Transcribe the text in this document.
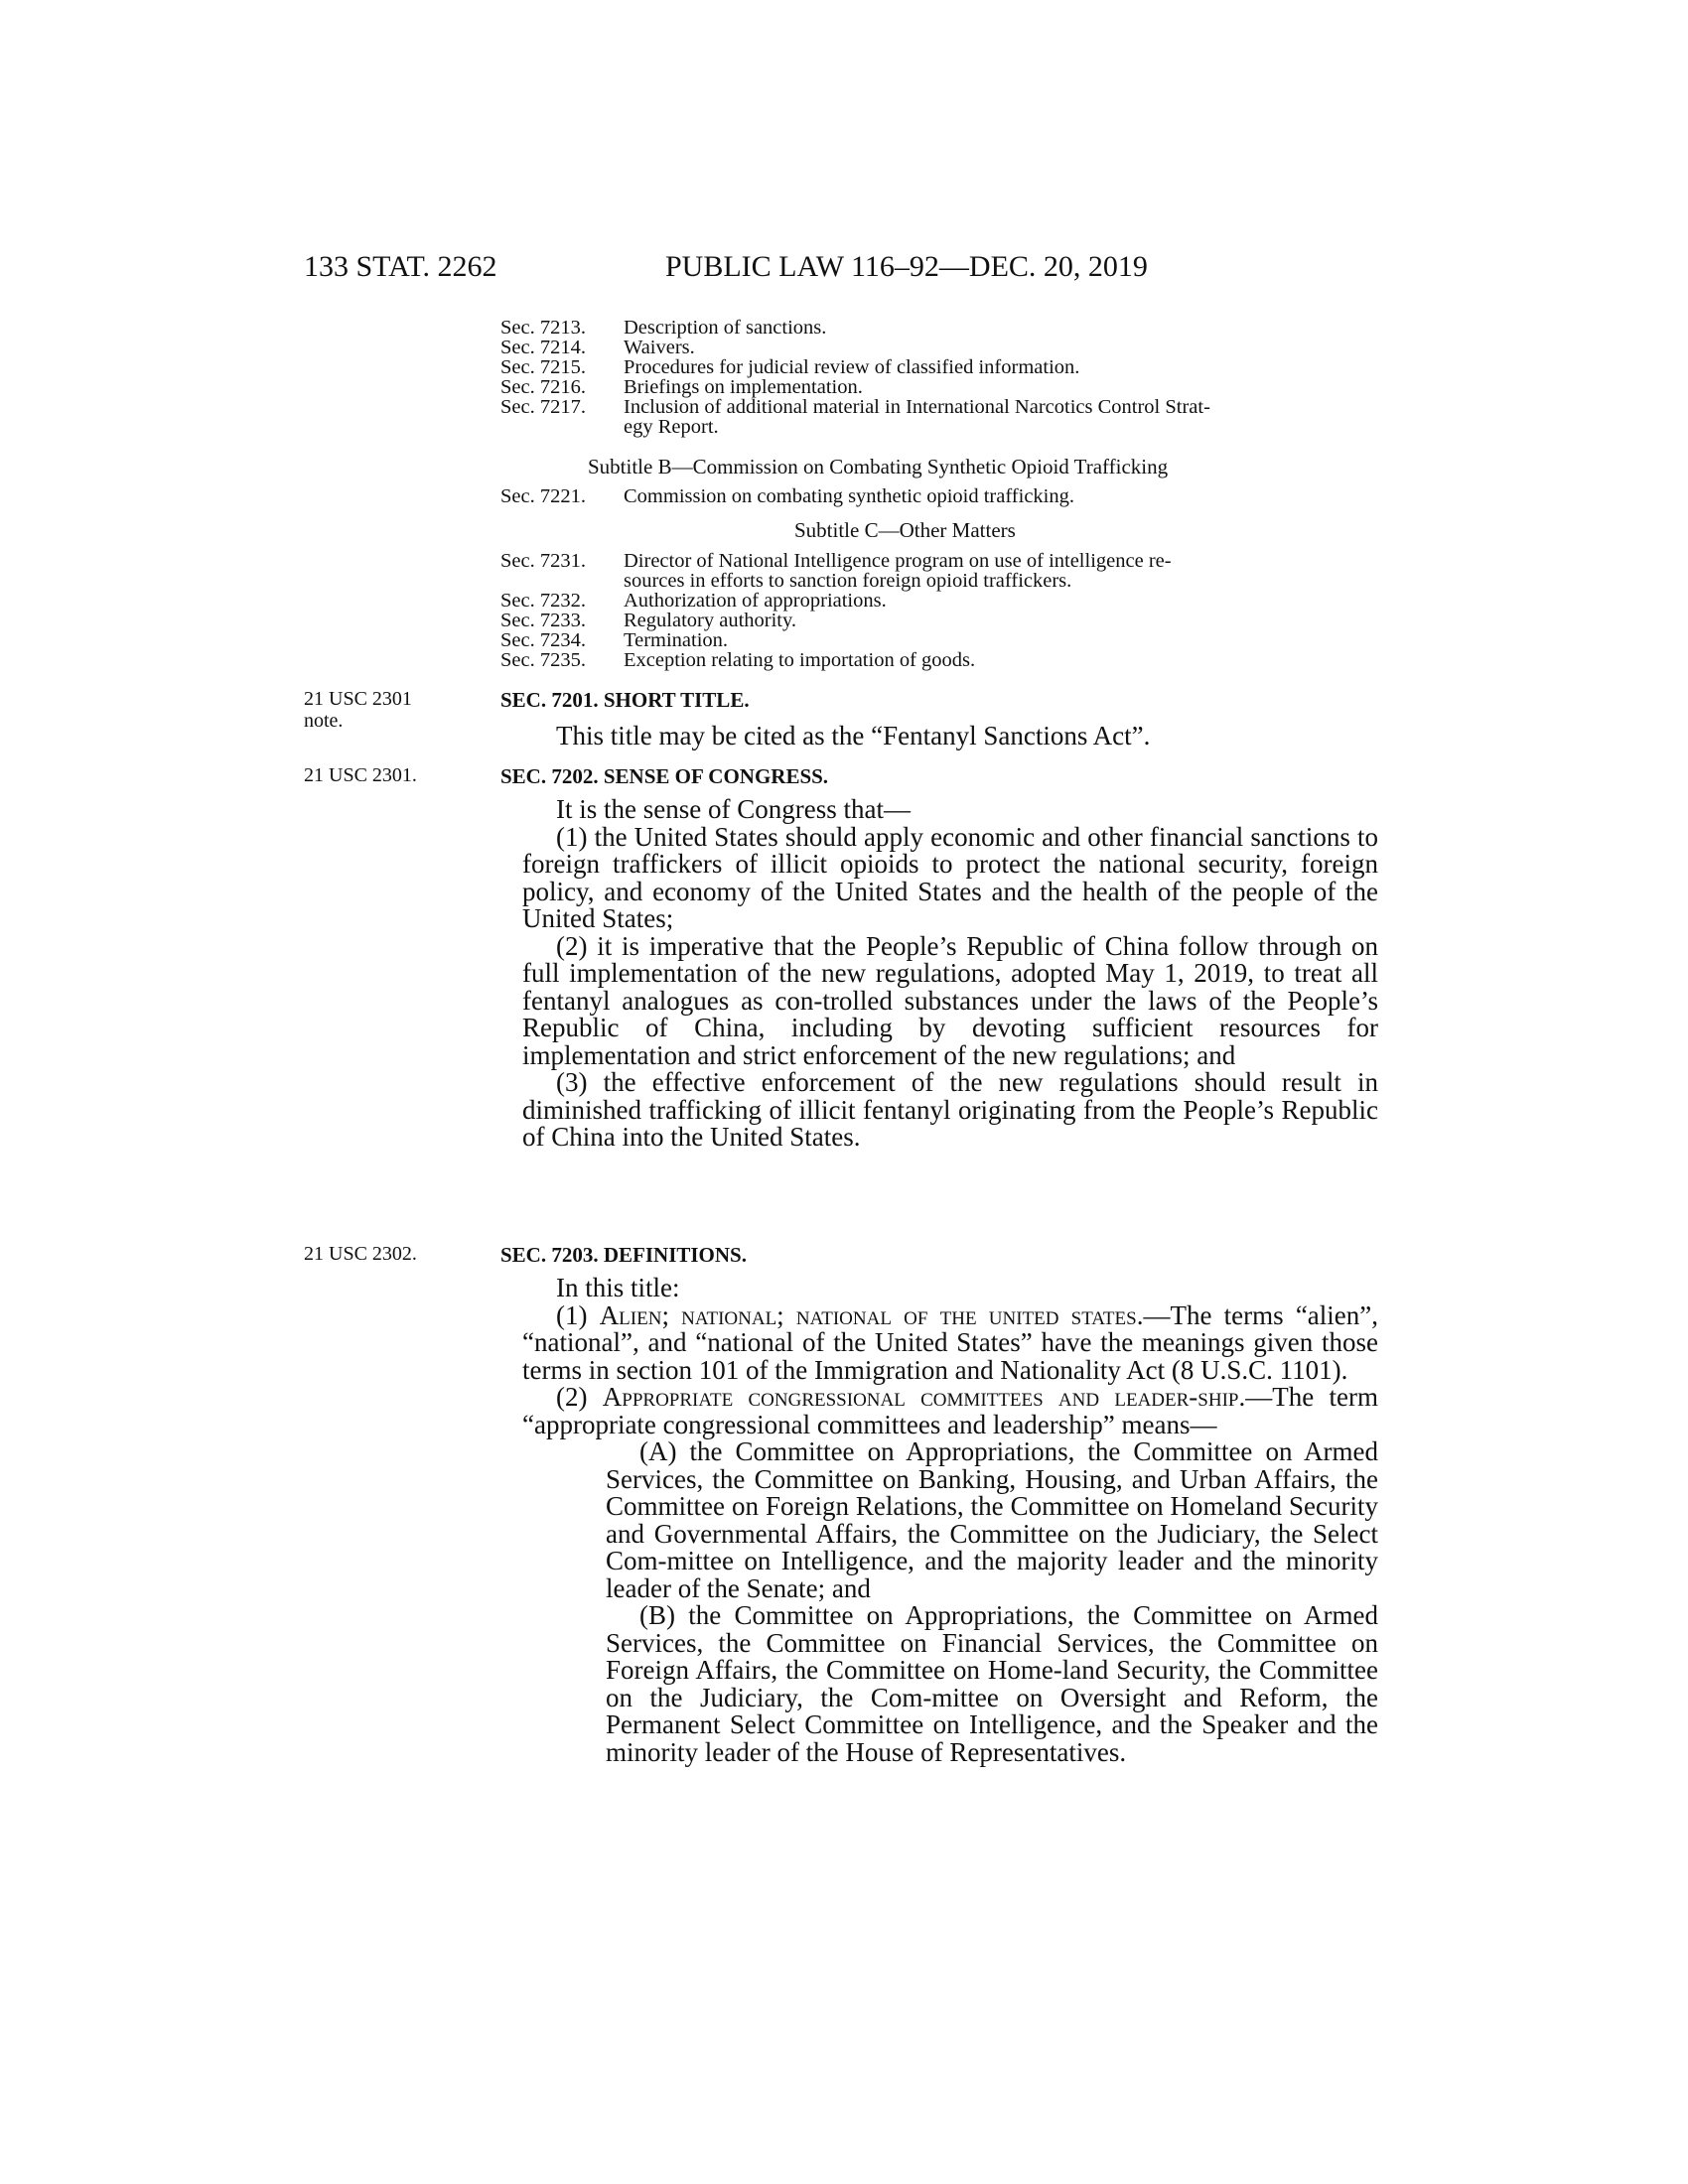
133 STAT. 2262	PUBLIC LAW 116–92—DEC. 20, 2019
Sec. 7213.	Description of sanctions.
Sec. 7214.	Waivers.
Sec. 7215.	Procedures for judicial review of classified information.
Sec. 7216.	Briefings on implementation.
Sec. 7217.	Inclusion of additional material in International Narcotics Control Strat-
egy Report.
Subtitle B—Commission on Combating Synthetic Opioid Trafficking
Sec. 7221.	Commission on combating synthetic opioid trafficking.
Subtitle C—Other Matters
Sec. 7231.	Director of National Intelligence program on use of intelligence re-
sources in efforts to sanction foreign opioid traffickers.
Sec. 7232.	Authorization of appropriations.
Sec. 7233.	Regulatory authority.
Sec. 7234.	Termination.
Sec. 7235.	Exception relating to importation of goods.
21 USC 2301
note.
SEC. 7201. SHORT TITLE.
This title may be cited as the “Fentanyl Sanctions Act”.
21 USC 2301.	SEC. 7202. SENSE OF CONGRESS.

It is the sense of Congress that—

(1) the United States should apply economic and other financial sanctions to foreign traffickers of illicit opioids to protect the national security, foreign policy, and economy of the United States and the health of the people of the United States;

(2) it is imperative that the People’s Republic of China follow through on full implementation of the new regulations, adopted May 1, 2019, to treat all fentanyl analogues as con-trolled substances under the laws of the People’s Republic of China, including by devoting sufficient resources for implementation and strict enforcement of the new regulations; and

(3) the effective enforcement of the new regulations should result in diminished trafficking of illicit fentanyl originating from the People’s Republic of China into the United States.

21 USC 2302.	SEC. 7203. DEFINITIONS.

In this title:

(1) Alien; national; national of the united states.—The terms “alien”, “national”, and “national of the United States” have the meanings given those terms in section 101 of the Immigration and Nationality Act (8 U.S.C. 1101).

(2) Appropriate congressional committees and leader-ship.—The term “appropriate congressional committees and leadership” means—

(A) the Committee on Appropriations, the Committee on Armed Services, the Committee on Banking, Housing, and Urban Affairs, the Committee on Foreign Relations, the Committee on Homeland Security and Governmental Affairs, the Committee on the Judiciary, the Select Com-mittee on Intelligence, and the majority leader and the minority leader of the Senate; and

(B) the Committee on Appropriations, the Committee on Armed Services, the Committee on Financial Services, the Committee on Foreign Affairs, the Committee on Home-land Security, the Committee on the Judiciary, the Com-mittee on Oversight and Reform, the Permanent Select Committee on Intelligence, and the Speaker and the minority leader of the House of Representatives.
